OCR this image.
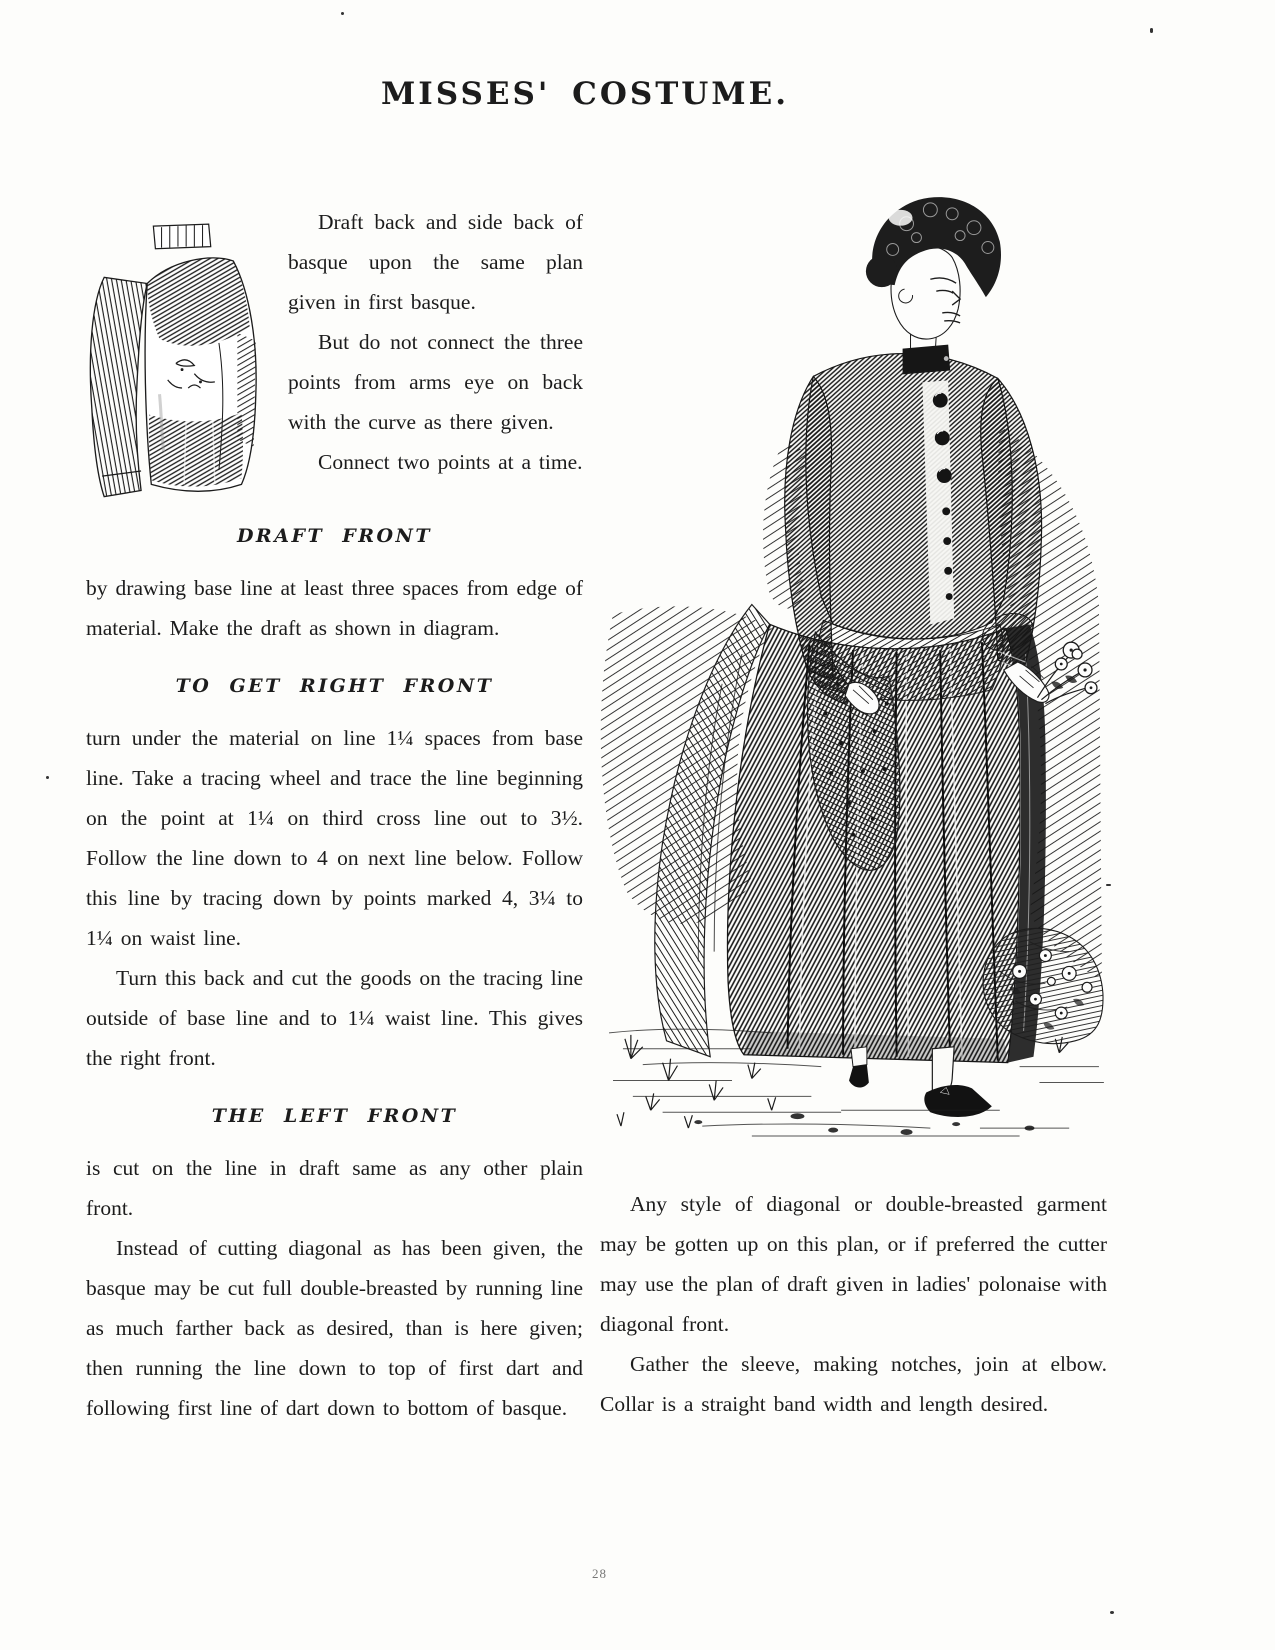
MISSES' COSTUME.

Draft back and side back of basque upon the same plan given in first basque.

But do not connect the three points from arms eye on back with the curve as there given.

Connect two points at a time.

DRAFT FRONT

by drawing base line at least three spaces from edge of material. Make the draft as shown in diagram.

TO GET RIGHT FRONT

turn under the material on line 1¼ spaces from base line. Take a tracing wheel and trace the line beginning on the point at 1¼ on third cross line out to 3½. Follow the line down to 4 on next line below. Follow this line by tracing down by points marked 4, 3¼ to 1¼ on waist line.

Turn this back and cut the goods on the tracing line outside of base line and to 1¼ waist line. This gives the right front.

THE LEFT FRONT

is cut on the line in draft same as any other plain front.

Instead of cutting diagonal as has been given, the basque may be cut full double-breasted by running line as much farther back as desired, than is here given; then running the line down to top of first dart and following first line of dart down to bottom of basque.

Any style of diagonal or double-breasted garment may be gotten up on this plan, or if preferred the cutter may use the plan of draft given in ladies' polonaise with diagonal front.

Gather the sleeve, making notches, join at elbow. Collar is a straight band width and length desired.

28
